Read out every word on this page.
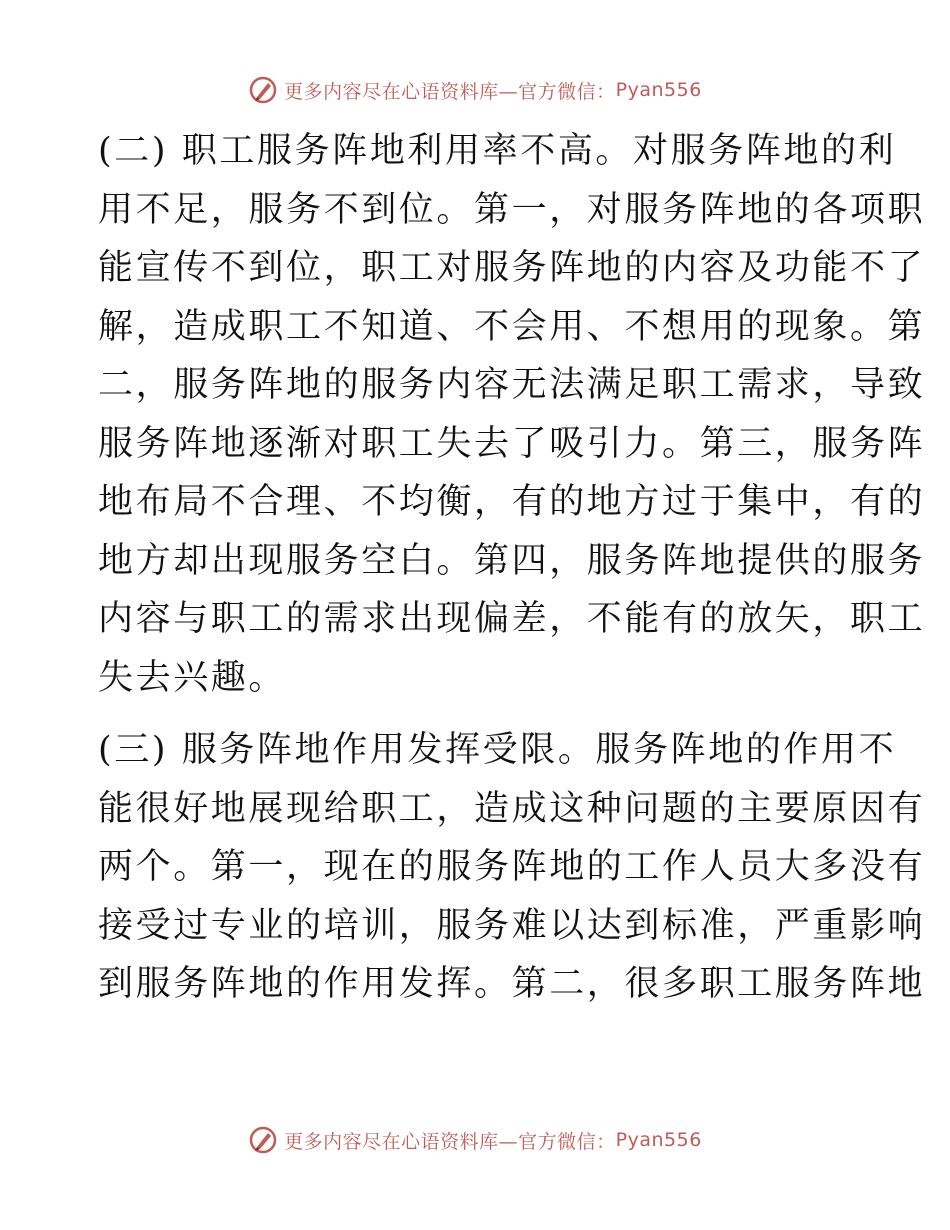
更多内容尽在心语资料库—官方微信： Pyan556

(二) 职工服务阵地利用率不高。对服务阵地的利
用不足，服务不到位。第一，对服务阵地的各项职
能宣传不到位，职工对服务阵地的内容及功能不了
解，造成职工不知道、不会用、不想用的现象。第
二，服务阵地的服务内容无法满足职工需求，导致
服务阵地逐渐对职工失去了吸引力。第三，服务阵
地布局不合理、不均衡，有的地方过于集中，有的
地方却出现服务空白。第四，服务阵地提供的服务
内容与职工的需求出现偏差，不能有的放矢，职工
失去兴趣。

(三) 服务阵地作用发挥受限。服务阵地的作用不
能很好地展现给职工，造成这种问题的主要原因有
两个。第一，现在的服务阵地的工作人员大多没有
接受过专业的培训，服务难以达到标准，严重影响
到服务阵地的作用发挥。第二，很多职工服务阵地

更多内容尽在心语资料库—官方微信： Pyan556
